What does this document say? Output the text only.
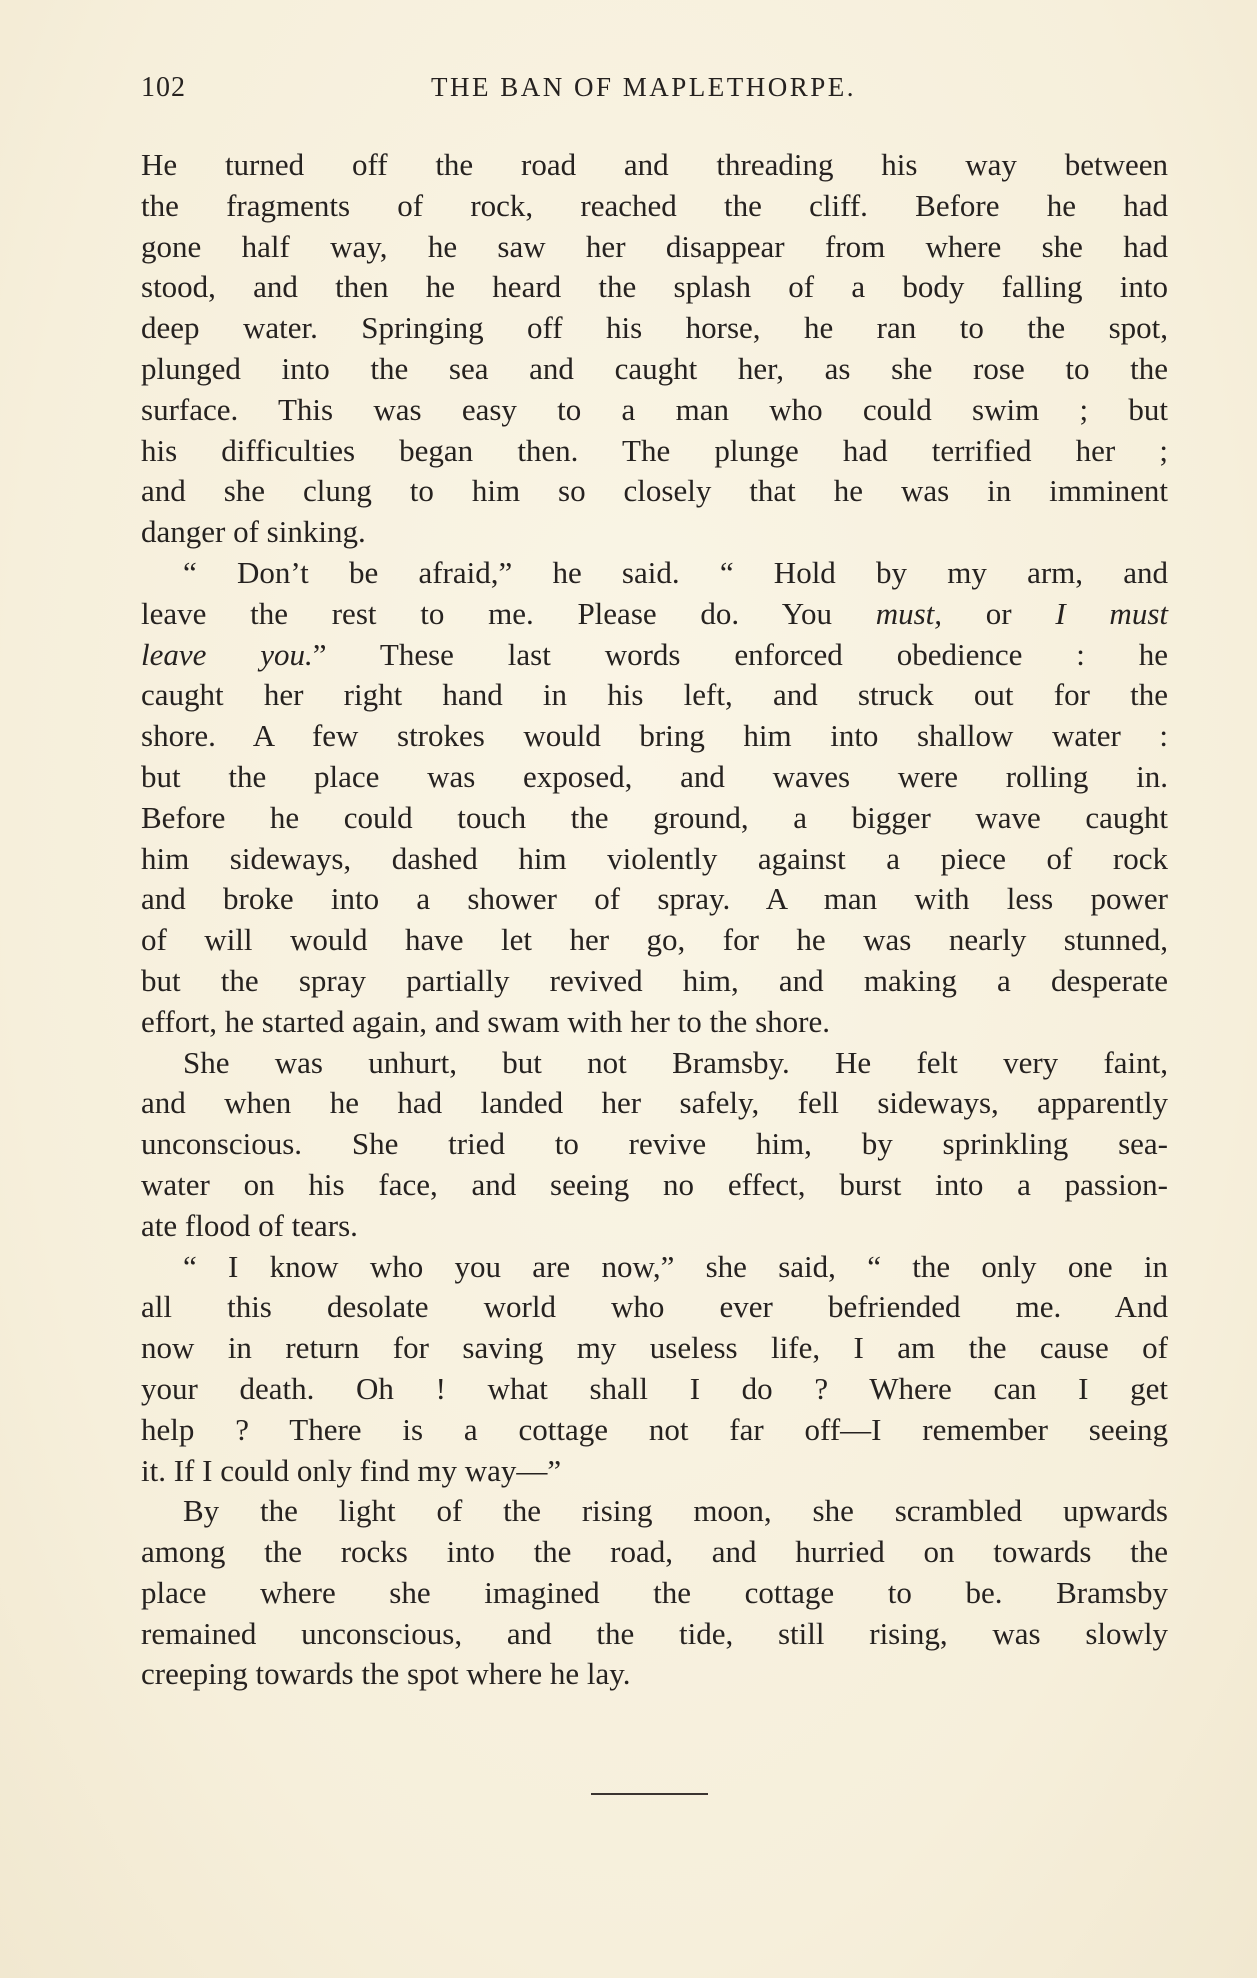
102	THE BAN OF MAPLETHORPE.
He turned off the road and threading his way between
the fragments of rock, reached the cliff. Before he had
gone half way, he saw her disappear from where she had
stood, and then he heard the splash of a body falling into
deep water. Springing off his horse, he ran to the spot,
plunged into the sea and caught her, as she rose to the
surface. This was easy to a man who could swim ; but
his difficulties began then. The plunge had terrified her ;
and she clung to him so closely that he was in imminent
danger of sinking.
“ Don’t be afraid,” he said. “ Hold by my arm, and
leave the rest to me. Please do. You must, or I must
leave you.” These last words enforced obedience : he
caught her right hand in his left, and struck out for the
shore. A few strokes would bring him into shallow water :
but the place was exposed, and waves were rolling in.
Before he could touch the ground, a bigger wave caught
him sideways, dashed him violently against a piece of rock
and broke into a shower of spray. A man with less power
of will would have let her go, for he was nearly stunned,
but the spray partially revived him, and making a desperate
effort, he started again, and swam with her to the shore.
She was unhurt, but not Bramsby. He felt very faint,
and when he had landed her safely, fell sideways, apparently
unconscious. She tried to revive him, by sprinkling sea-
water on his face, and seeing no effect, burst into a passion-
ate flood of tears.
“ I know who you are now,” she said, “ the only one in
all this desolate world who ever befriended me. And
now in return for saving my useless life, I am the cause of
your death. Oh ! what shall I do ? Where can I get
help ? There is a cottage not far off—I remember seeing
it. If I could only find my way—”
By the light of the rising moon, she scrambled upwards
among the rocks into the road, and hurried on towards the
place where she imagined the cottage to be. Bramsby
remained unconscious, and the tide, still rising, was slowly
creeping towards the spot where he lay.
